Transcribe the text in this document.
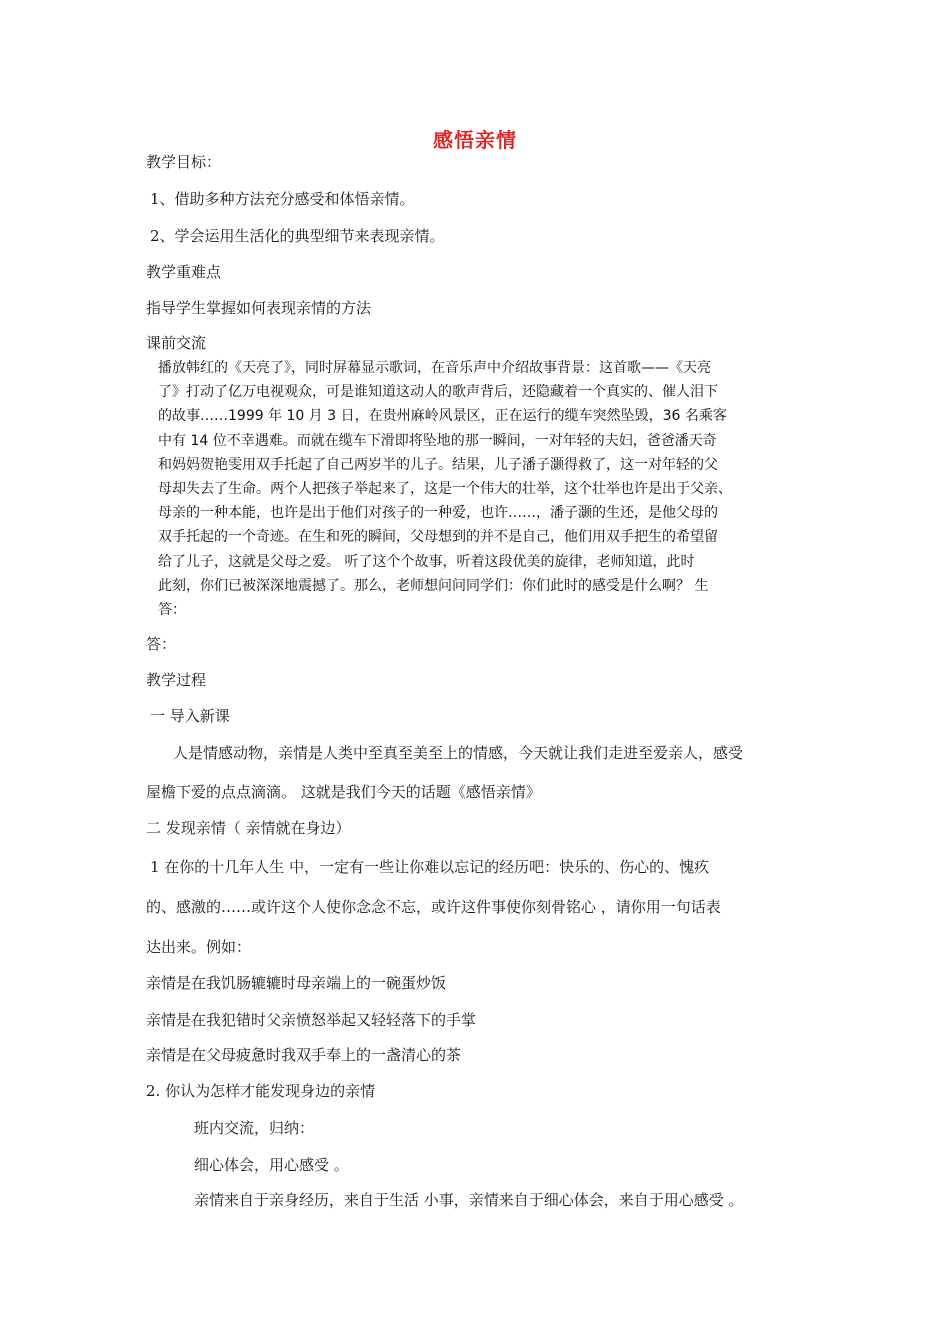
感悟亲情
教学目标：
1、借助多种方法充分感受和体悟亲情。
2、学会运用生活化的典型细节来表现亲情。
教学重难点
指导学生掌握如何表现亲情的方法
课前交流

播放韩红的《天亮了》，同时屏幕显示歌词，在音乐声中介绍故事背景：这首歌——《天亮

了》打动了亿万电视观众，可是谁知道这动人的歌声背后，还隐藏着一个真实的、催人泪下

的故事……1999 年 10 月 3 日，在贵州麻岭风景区，正在运行的缆车突然坠毁，36 名乘客

中有 14 位不幸遇难。而就在缆车下滑即将坠地的那一瞬间，一对年轻的夫妇，爸爸潘天奇

和妈妈贺艳雯用双手托起了自己两岁半的儿子。结果，儿子潘子灏得救了，这一对年轻的父

母却失去了生命。两个人把孩子举起来了，这是一个伟大的壮举，这个壮举也许是出于父亲、

母亲的一种本能，也许是出于他们对孩子的一种爱，也许……，潘子灏的生还，是他父母的

双手托起的一个奇迹。在生和死的瞬间，父母想到的并不是自己，他们用双手把生的希望留

给了儿子，这就是父母之爱。 听了这个个故事，听着这段优美的旋律，老师知道，此时

此刻，你们已被深深地震撼了。那么，老师想问问同学们：你们此时的感受是什么啊？ 生

答：

答：
教学过程
一 导入新课
人是情感动物，亲情是人类中至真至美至上的情感，今天就让我们走进至爱亲人，感受
屋檐下爱的点点滴滴。 这就是我们今天的话题《感悟亲情》
二 发现亲情（ 亲情就在身边）
1 在你的十几年人生 中，一定有一些让你难以忘记的经历吧：快乐的、伤心的、愧疚
的、感激的……或许这个人使你念念不忘，或许这件事使你刻骨铭心 ，请你用一句话表
达出来。例如：
亲情是在我饥肠辘辘时母亲端上的一碗蛋炒饭
亲情是在我犯错时父亲愤怒举起又轻轻落下的手掌
亲情是在父母疲惫时我双手奉上的一盏清心的茶
2. 你认为怎样才能发现身边的亲情
班内交流，归纳：
细心体会，用心感受 。
亲情来自于亲身经历，来自于生活 小事，亲情来自于细心体会，来自于用心感受 。
